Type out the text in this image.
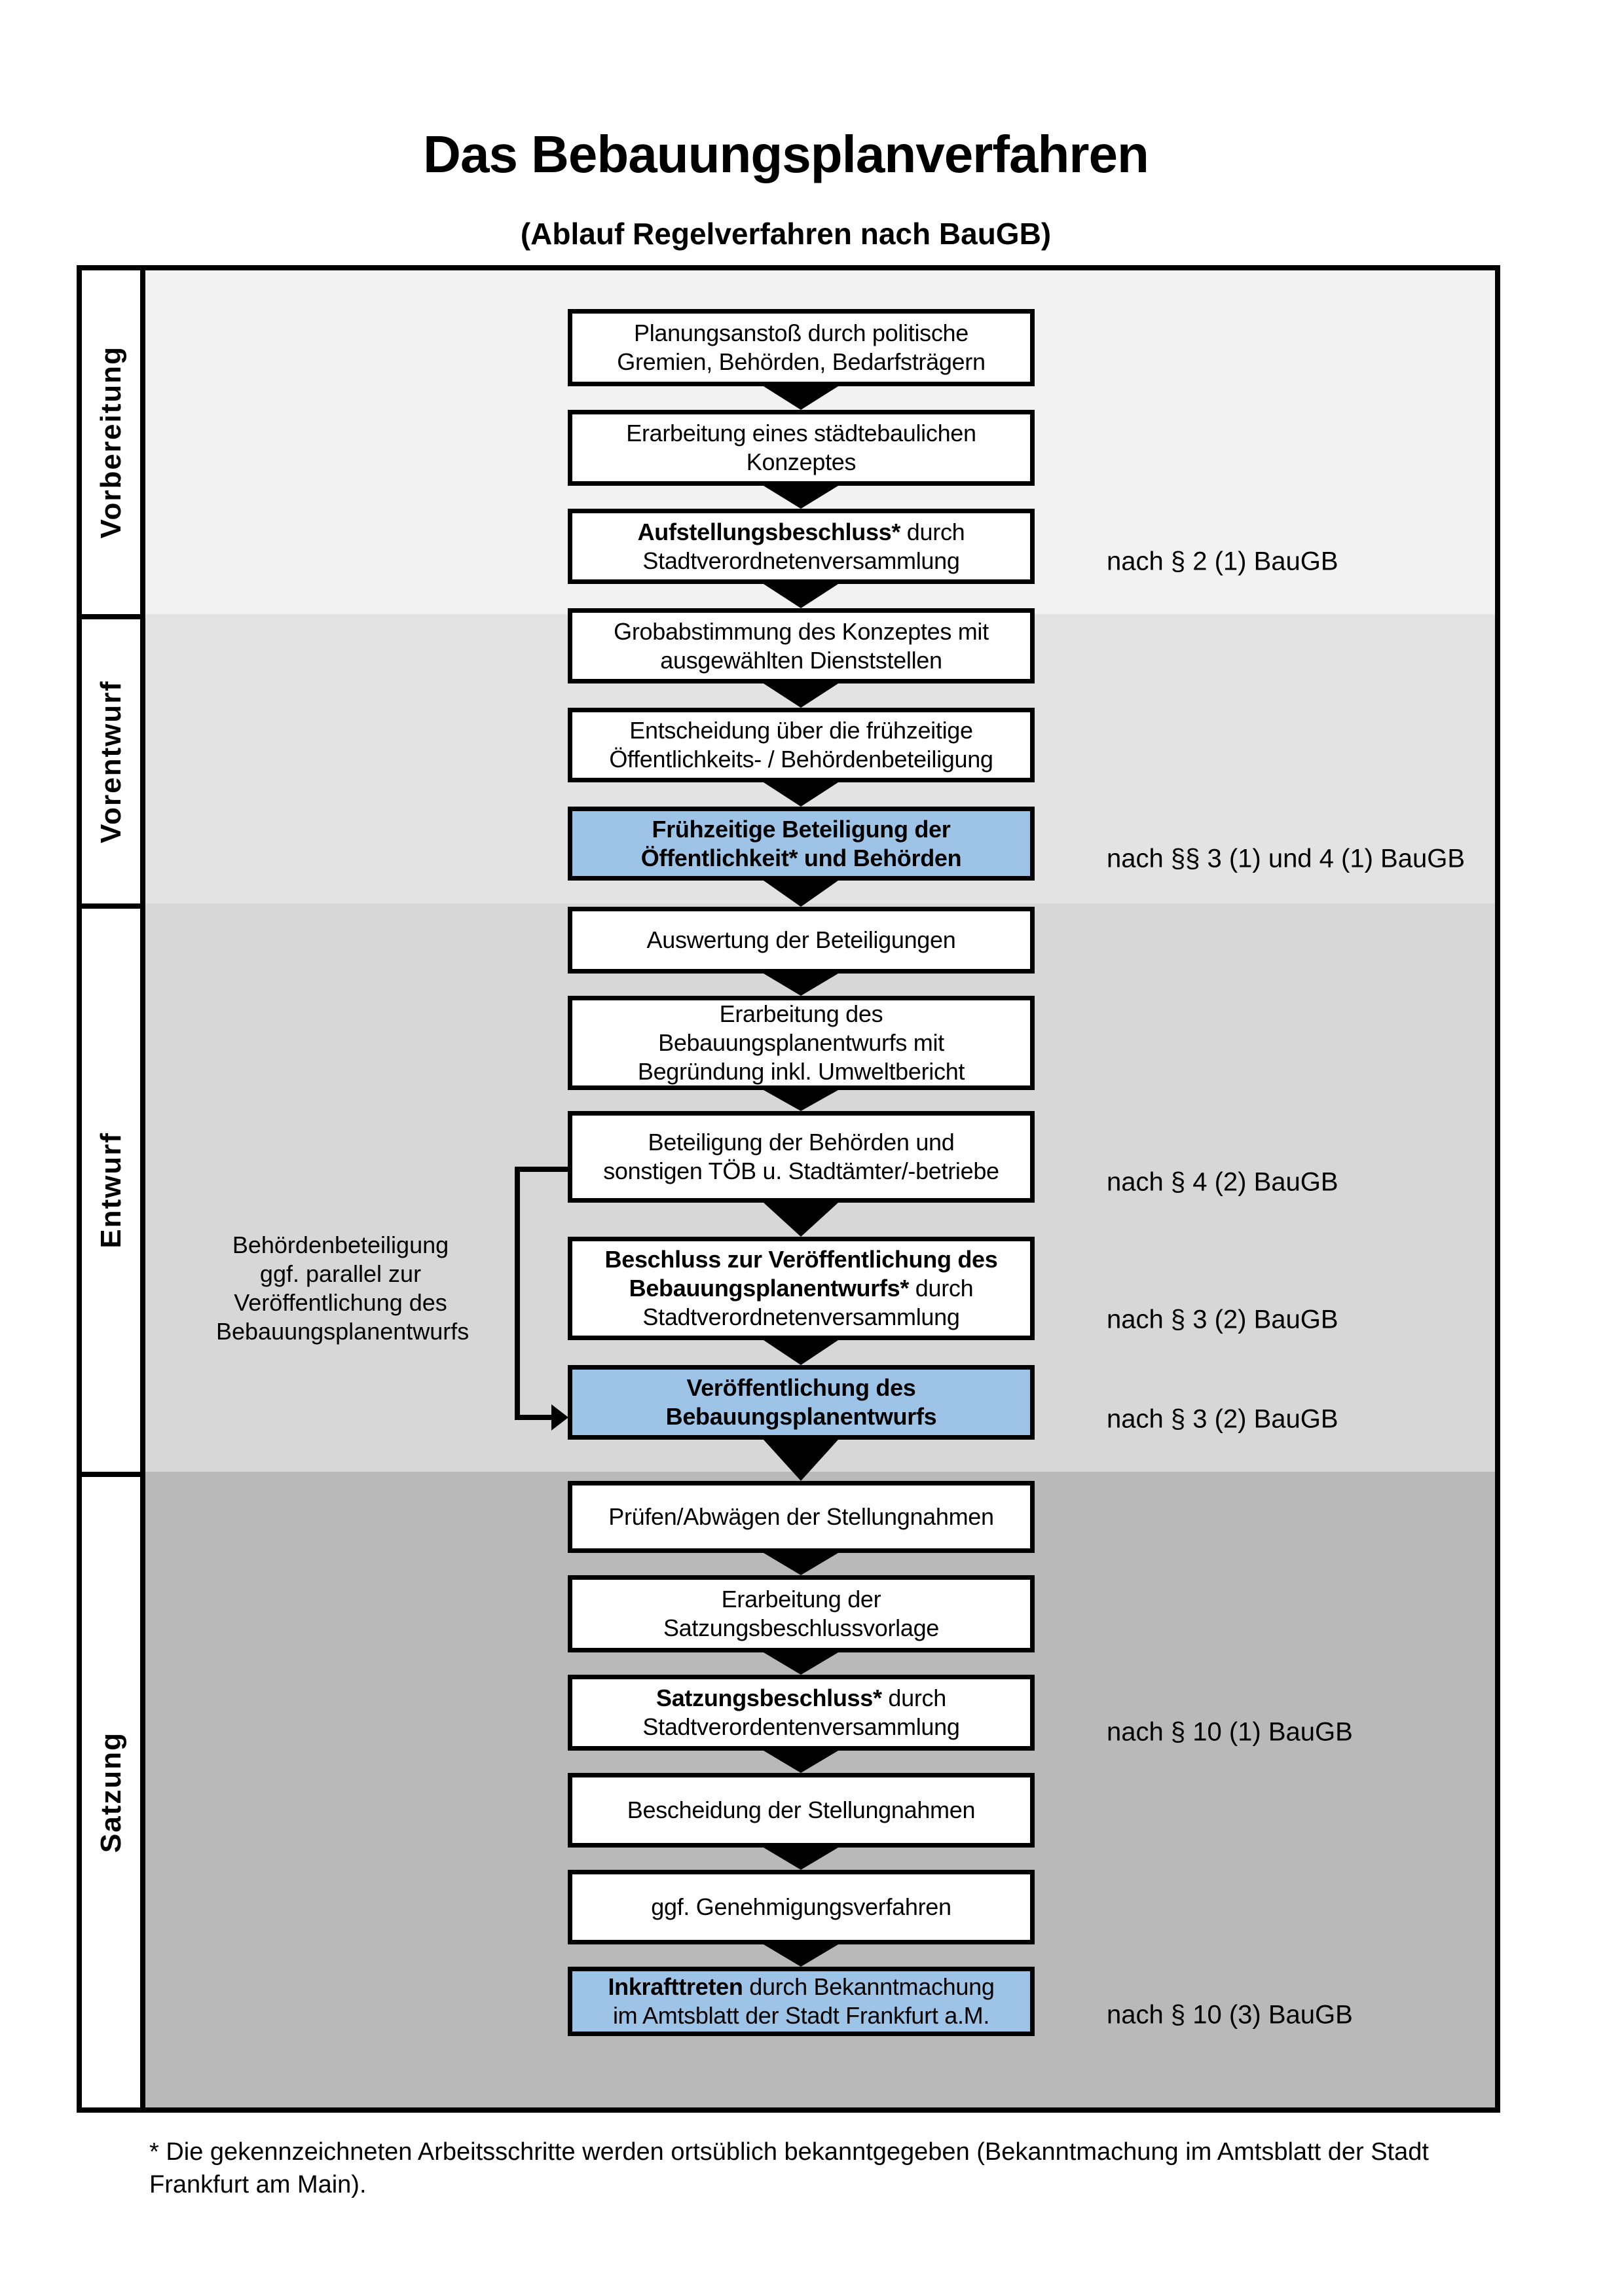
Das Bebauungsplanverfahren
(Ablauf Regelverfahren nach BauGB)
Vorbereitung
Vorentwurf
Entwurf
Satzung
Planungsanstoß durch politische
Gremien, Behörden, Bedarfsträgern
Erarbeitung eines städtebaulichen
Konzeptes
Aufstellungsbeschluss* durch
Stadtverordnetenversammlung	nach § 2 (1) BauGB
Grobabstimmung des Konzeptes mit
ausgewählten Dienststellen
Entscheidung über die frühzeitige
Öffentlichkeits- / Behördenbeteiligung
Frühzeitige Beteiligung der
Öffentlichkeit* und Behörden	nach §§ 3 (1) und 4 (1) BauGB
Auswertung der Beteiligungen
Erarbeitung des
Bebauungsplanentwurfs mit
Begründung inkl. Umweltbericht
Beteiligung der Behörden und
sonstigen TÖB u. Stadtämter/-betriebe	nach § 4 (2) BauGB
Beschluss zur Veröffentlichung des
Bebauungsplanentwurfs* durch
Stadtverordnetenversammlung	nach § 3 (2) BauGB
Veröffentlichung des
Bebauungsplanentwurfs	nach § 3 (2) BauGB
Prüfen/Abwägen der Stellungnahmen
Erarbeitung der
Satzungsbeschlussvorlage
Satzungsbeschluss* durch
Stadtverordentenversammlung	nach § 10 (1) BauGB
Bescheidung der Stellungnahmen
ggf. Genehmigungsverfahren
Inkrafttreten durch Bekanntmachung
im Amtsblatt der Stadt Frankfurt a.M.	nach § 10 (3) BauGB
Behördenbeteiligung
ggf. parallel zur
Veröffentlichung des
Bebauungsplanentwurfs
* Die gekennzeichneten Arbeitsschritte werden ortsüblich bekanntgegeben (Bekanntmachung im Amtsblatt der Stadt
Frankfurt am Main).
